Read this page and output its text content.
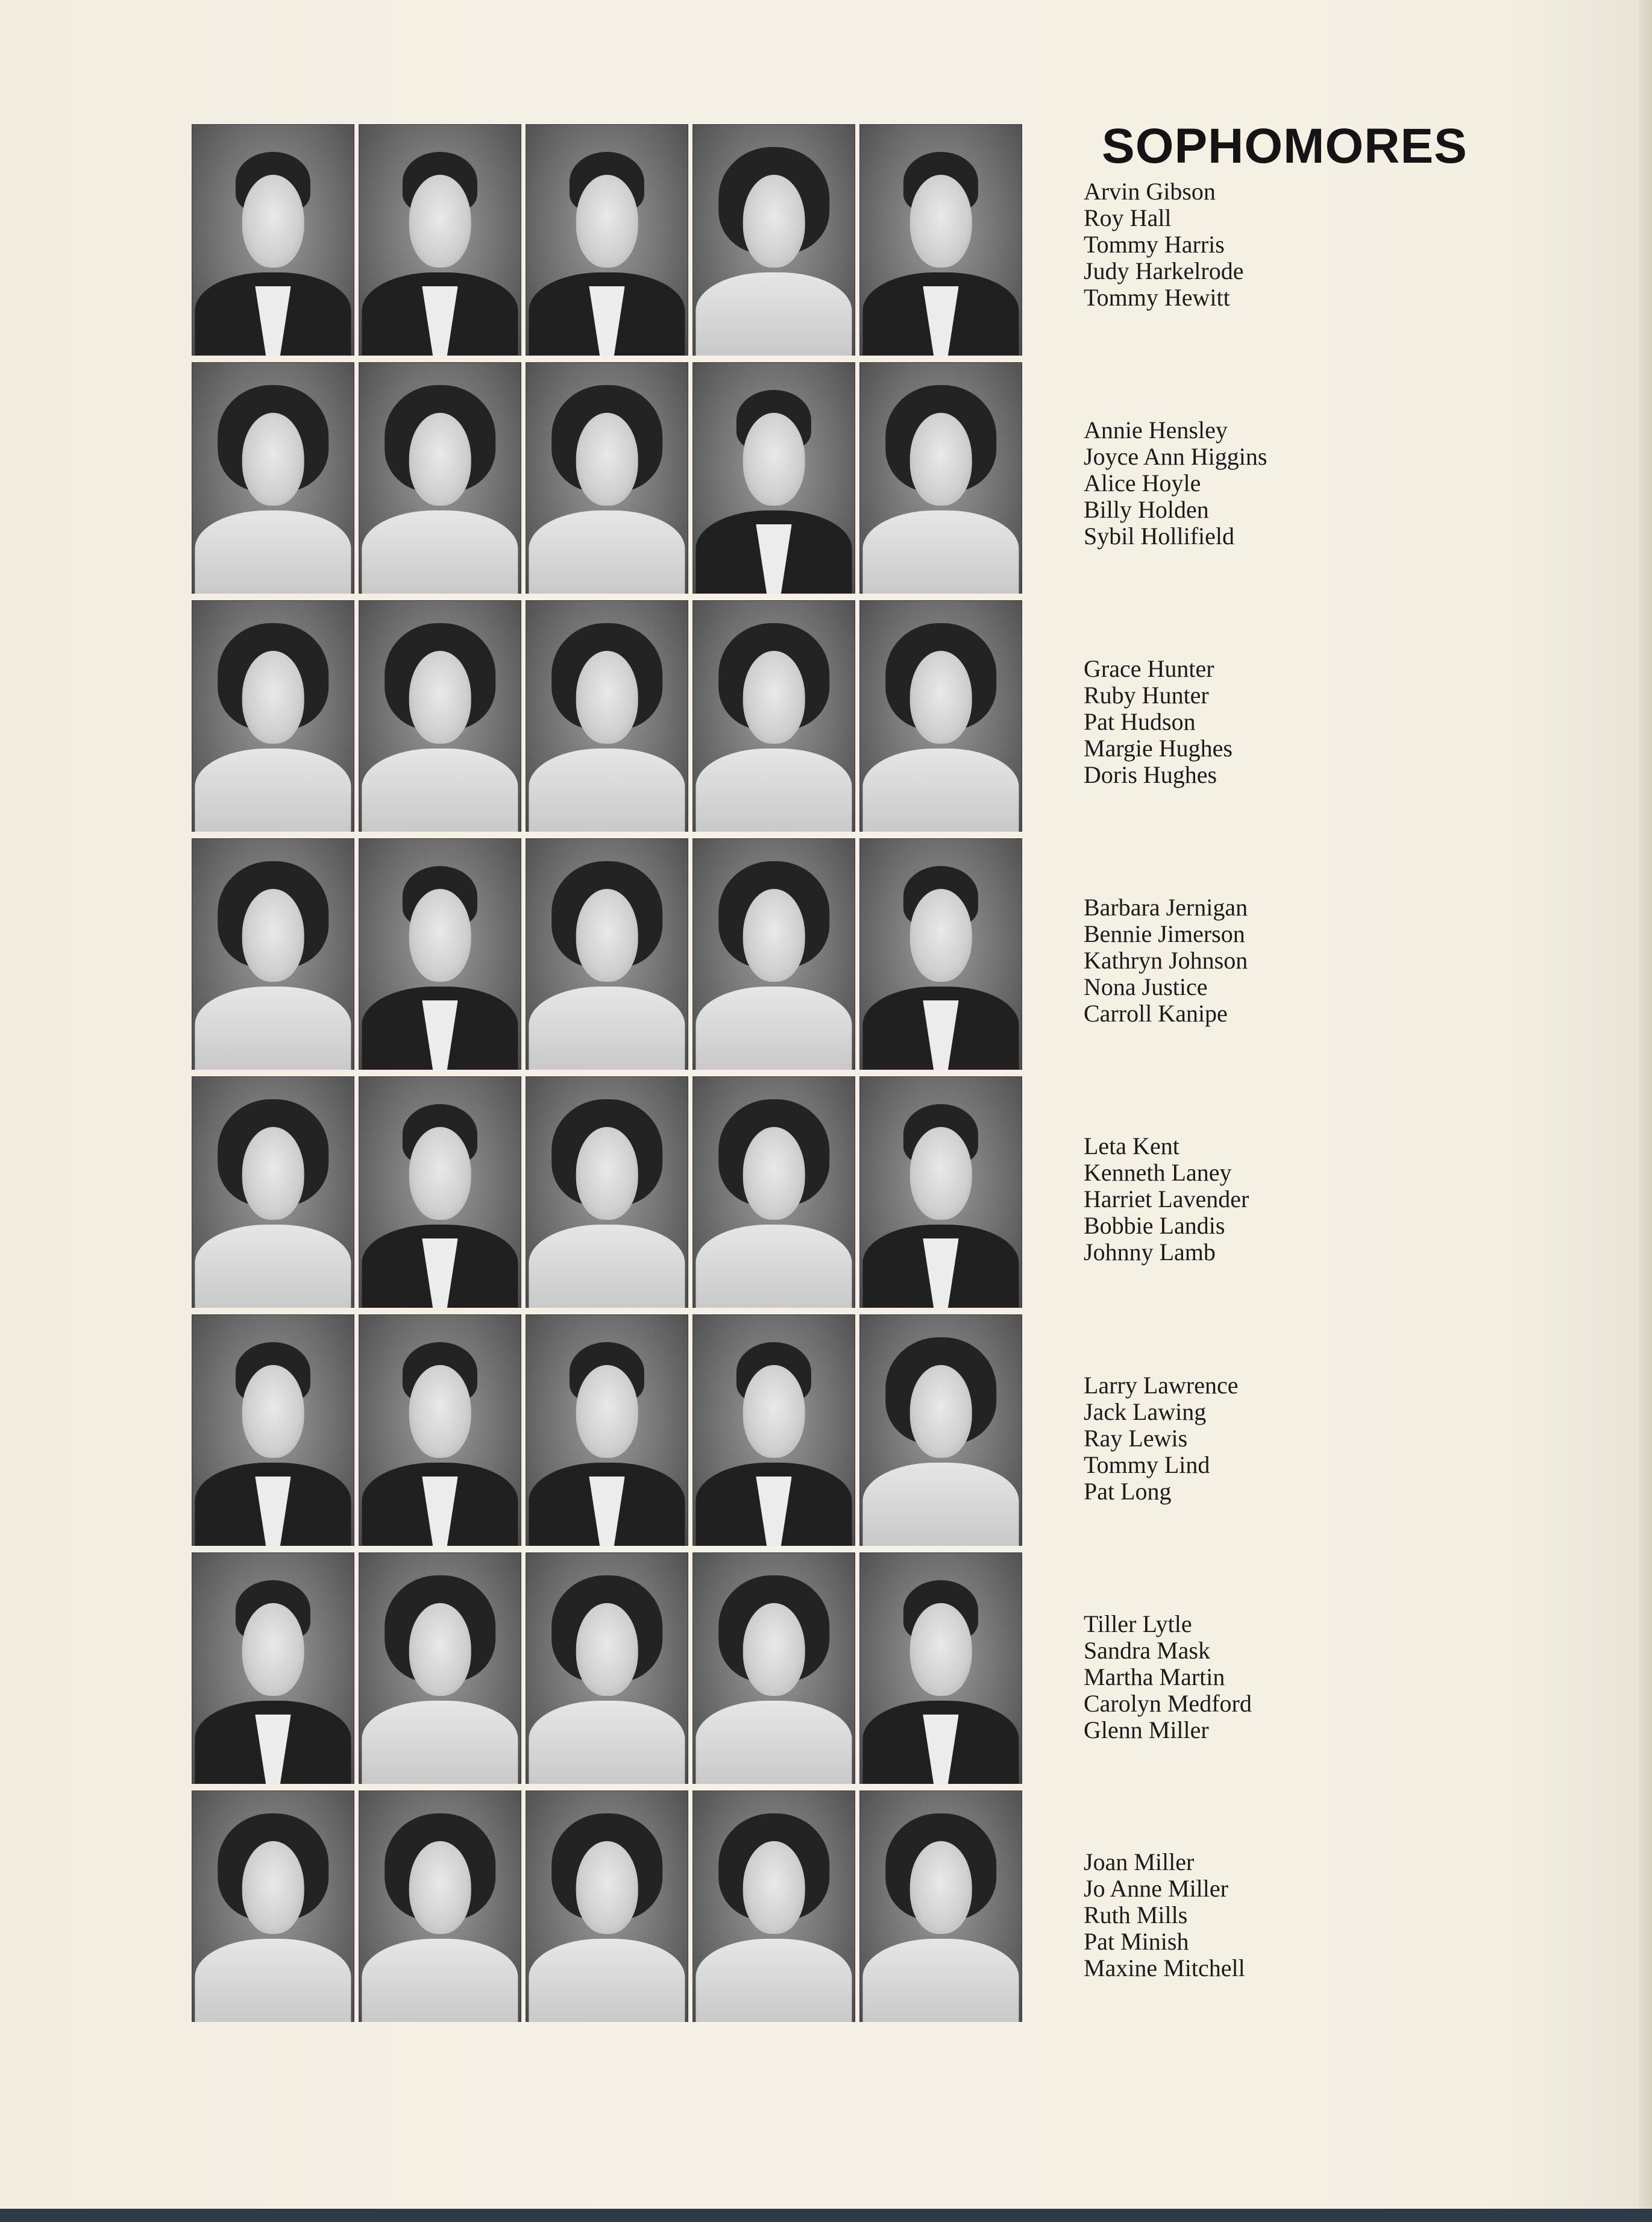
SOPHOMORES
Arvin Gibson
Roy Hall
Tommy Harris
Judy Harkelrode
Tommy Hewitt
Annie Hensley
Joyce Ann Higgins
Alice Hoyle
Billy Holden
Sybil Hollifield
Grace Hunter
Ruby Hunter
Pat Hudson
Margie Hughes
Doris Hughes
Barbara Jernigan
Bennie Jimerson
Kathryn Johnson
Nona Justice
Carroll Kanipe
Leta Kent
Kenneth Laney
Harriet Lavender
Bobbie Landis
Johnny Lamb
Larry Lawrence
Jack Lawing
Ray Lewis
Tommy Lind
Pat Long
Tiller Lytle
Sandra Mask
Martha Martin
Carolyn Medford
Glenn Miller
Joan Miller
Jo Anne Miller
Ruth Mills
Pat Minish
Maxine Mitchell
